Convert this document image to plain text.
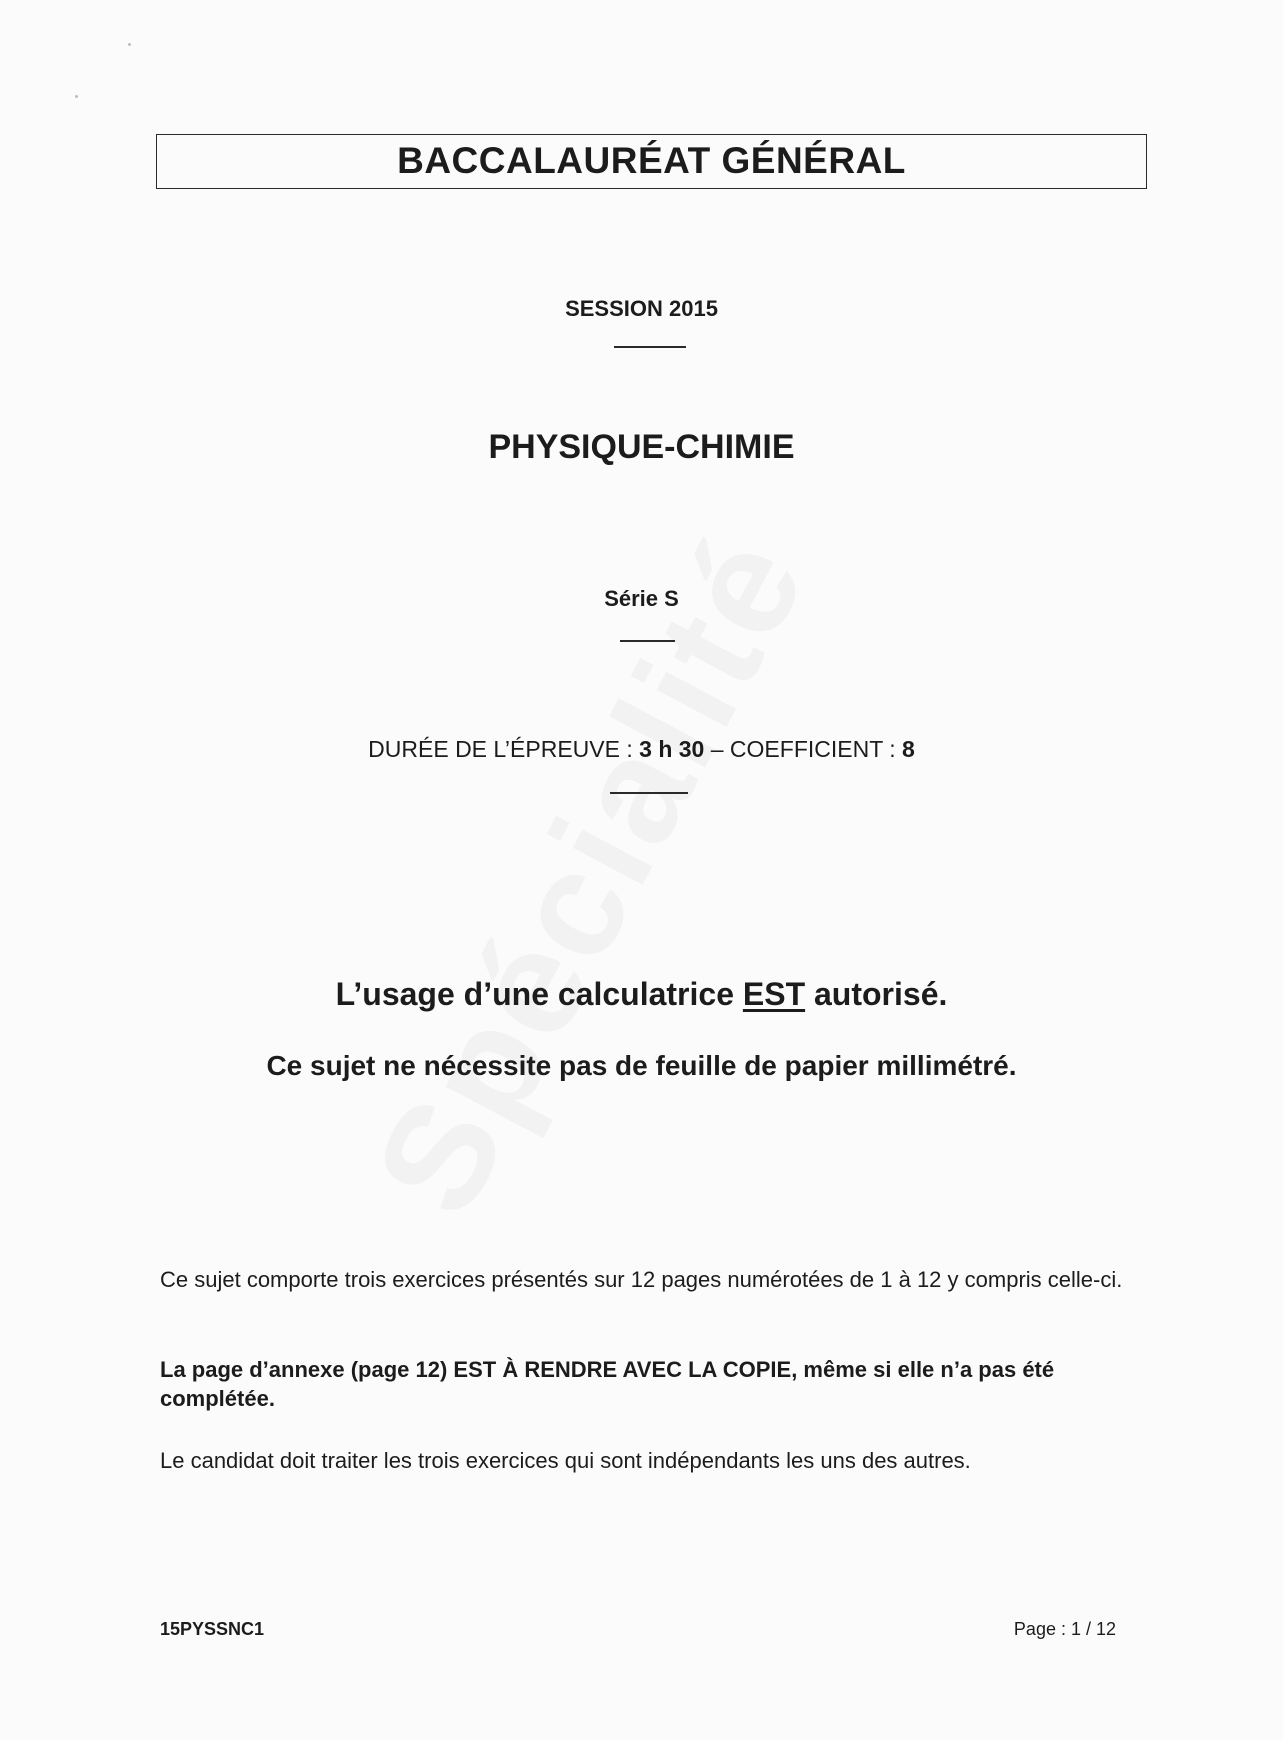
BACCALAURÉAT GÉNÉRAL
SESSION 2015
PHYSIQUE-CHIMIE
Série S
DURÉE DE L’ÉPREUVE : 3 h 30 – COEFFICIENT : 8
L’usage d’une calculatrice EST autorisé.
Ce sujet ne nécessite pas de feuille de papier millimétré.
Ce sujet comporte trois exercices présentés sur 12 pages numérotées de 1 à 12 y compris celle-ci.
La page d’annexe (page 12) EST À RENDRE AVEC LA COPIE, même si elle n’a pas été complétée.
Le candidat doit traiter les trois exercices qui sont indépendants les uns des autres.
15PYSSNC1	Page : 1 / 12
